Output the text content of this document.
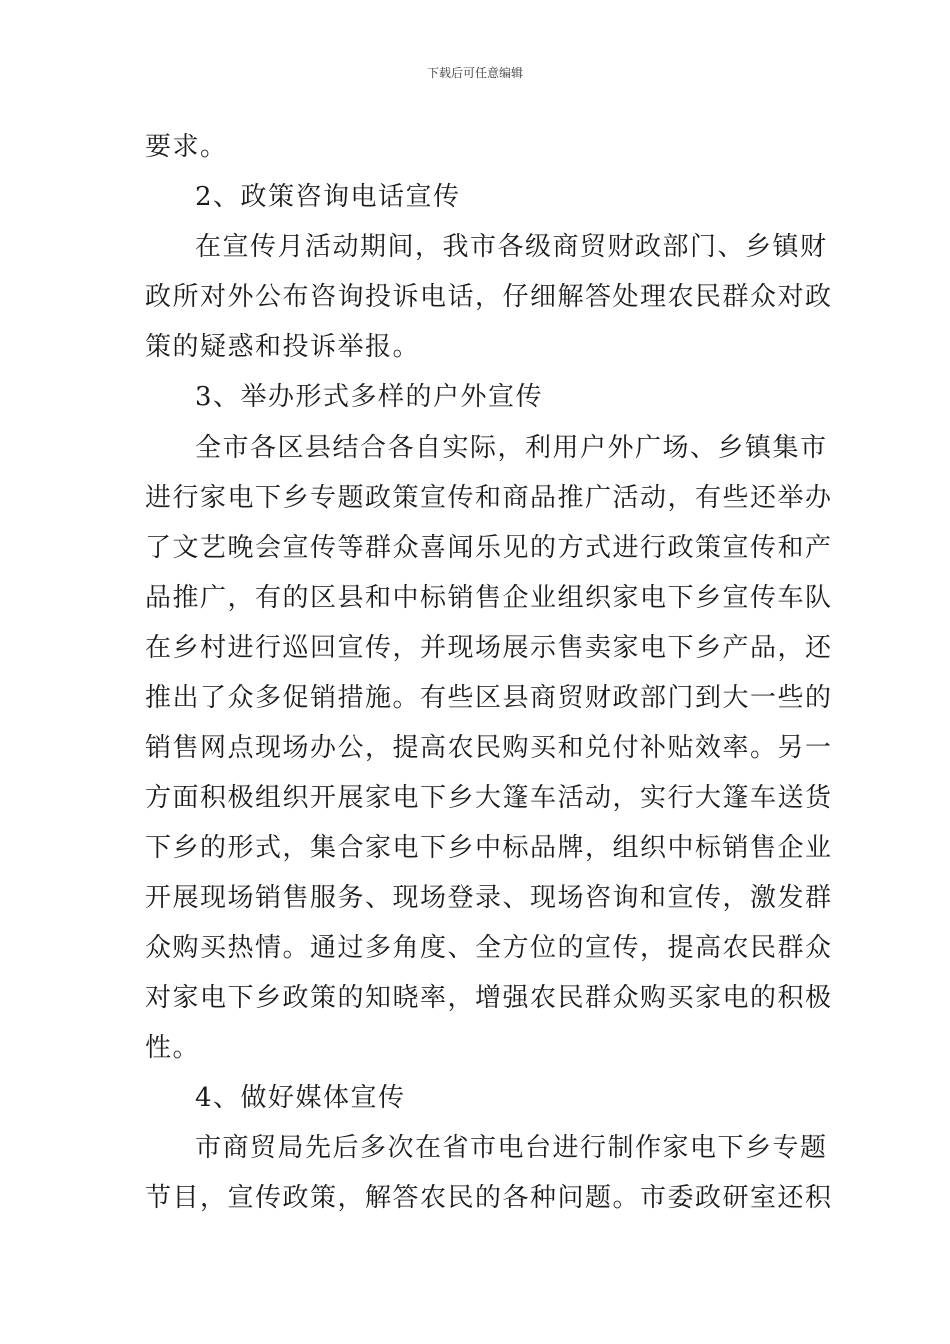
下载后可任意编辑
要求。
2、政策咨询电话宣传
在宣传月活动期间，我市各级商贸财政部门、乡镇财
政所对外公布咨询投诉电话，仔细解答处理农民群众对政
策的疑惑和投诉举报。
3、举办形式多样的户外宣传
全市各区县结合各自实际，利用户外广场、乡镇集市
进行家电下乡专题政策宣传和商品推广活动，有些还举办
了文艺晚会宣传等群众喜闻乐见的方式进行政策宣传和产
品推广，有的区县和中标销售企业组织家电下乡宣传车队
在乡村进行巡回宣传，并现场展示售卖家电下乡产品，还
推出了众多促销措施。有些区县商贸财政部门到大一些的
销售网点现场办公，提高农民购买和兑付补贴效率。另一
方面积极组织开展家电下乡大篷车活动，实行大篷车送货
下乡的形式，集合家电下乡中标品牌，组织中标销售企业
开展现场销售服务、现场登录、现场咨询和宣传，激发群
众购买热情。通过多角度、全方位的宣传，提高农民群众
对家电下乡政策的知晓率，增强农民群众购买家电的积极
性。
4、做好媒体宣传
市商贸局先后多次在省市电台进行制作家电下乡专题
节目，宣传政策，解答农民的各种问题。市委政研室还积
